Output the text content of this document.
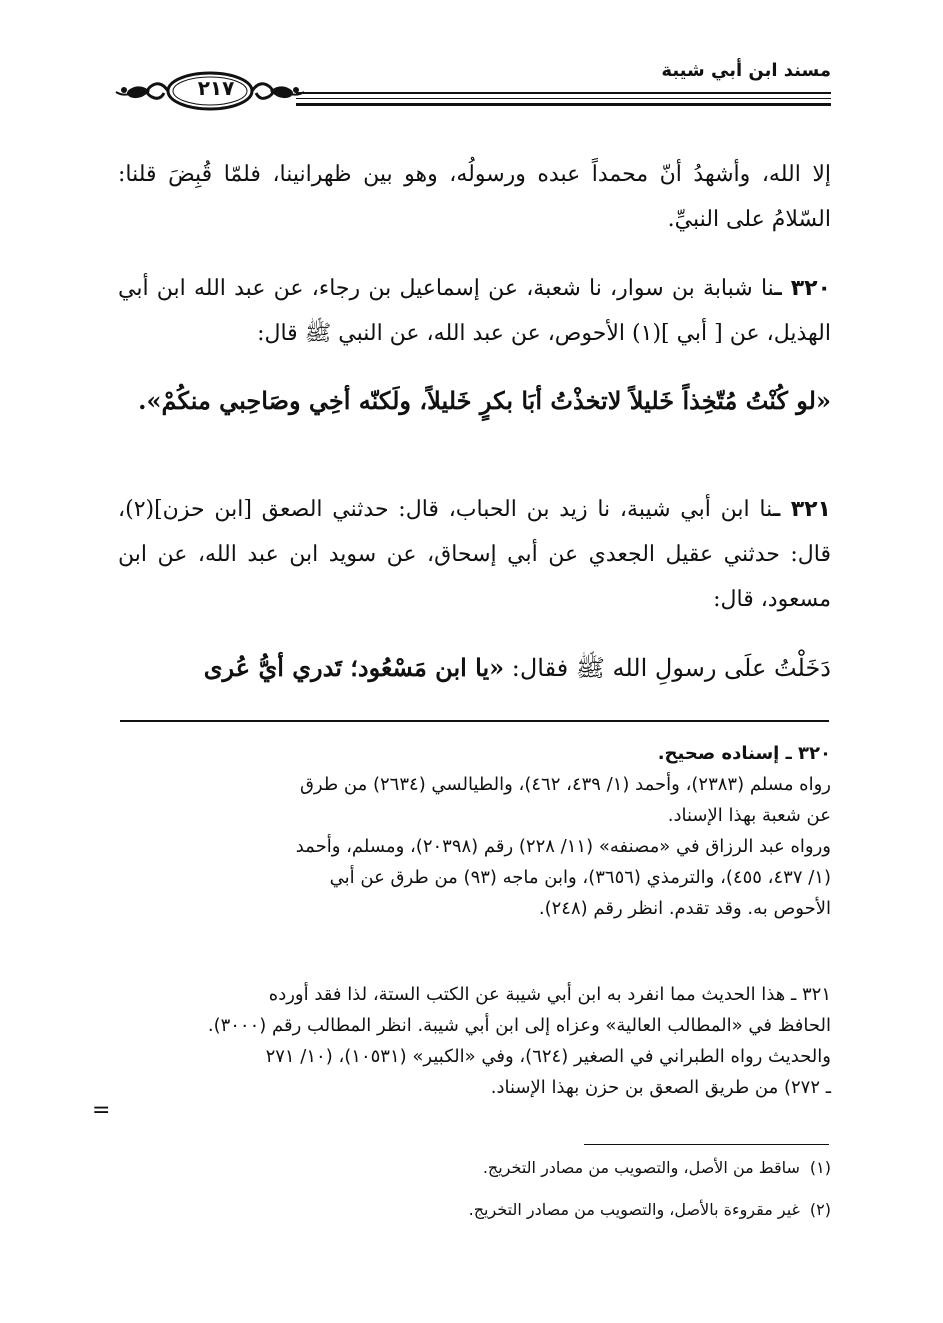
مسند ابن أبي شيبة
٢١٧
إلا الله، وأشهدُ أنّ محمداً عبده ورسولُه، وهو بين ظهرانينا، فلمّا قُبِضَ قلنا: السّلامُ على النبيِّ.
٣٢٠ ـنا شبابة بن سوار، نا شعبة، عن إسماعيل بن رجاء، عن عبد الله ابن أبي الهذيل، عن [ أبي ](١) الأحوص، عن عبد الله، عن النبي ﷺ قال:
«لو كُنْتُ مُتّخِذاً خَليلاً لاتخذْتُ أبَا بكرٍ خَليلاً، ولَكنّه أخِي وصَاحِبي منكُمْ».
٣٢١ ـنا ابن أبي شيبة، نا زيد بن الحباب، قال: حدثني الصعق [ابن حزن](٢)، قال: حدثني عقيل الجعدي عن أبي إسحاق، عن سويد ابن عبد الله، عن ابن مسعود، قال:
دَخَلْتُ علَى رسولِ الله ﷺ فقال: «يا ابن مَسْعُود؛ تَدري أيُّ عُرى
٣٢٠ ـ إسناده صحيح.
رواه مسلم (٢٣٨٣)، وأحمد (١/ ٤٣٩، ٤٦٢)، والطيالسي (٢٦٣٤) من طرق
عن شعبة بهذا الإسناد.
ورواه عبد الرزاق في «مصنفه» (١١/ ٢٢٨) رقم (٢٠٣٩٨)، ومسلم، وأحمد
(١/ ٤٣٧، ٤٥٥)، والترمذي (٣٦٥٦)، وابن ماجه (٩٣) من طرق عن أبي
الأحوص به. وقد تقدم. انظر رقم (٢٤٨).
٣٢١ ـ هذا الحديث مما انفرد به ابن أبي شيبة عن الكتب الستة، لذا فقد أورده
الحافظ في «المطالب العالية» وعزاه إلى ابن أبي شيبة. انظر المطالب رقم (٣٠٠٠).
والحديث رواه الطبراني في الصغير (٦٢٤)، وفي «الكبير» (١٠٥٣١)، (١٠/ ٢٧١
ـ ٢٧٢) من طريق الصعق بن حزن بهذا الإسناد.
=
(١)ساقط من الأصل، والتصويب من مصادر التخريج.
(٢)غير مقروءة بالأصل، والتصويب من مصادر التخريج.
